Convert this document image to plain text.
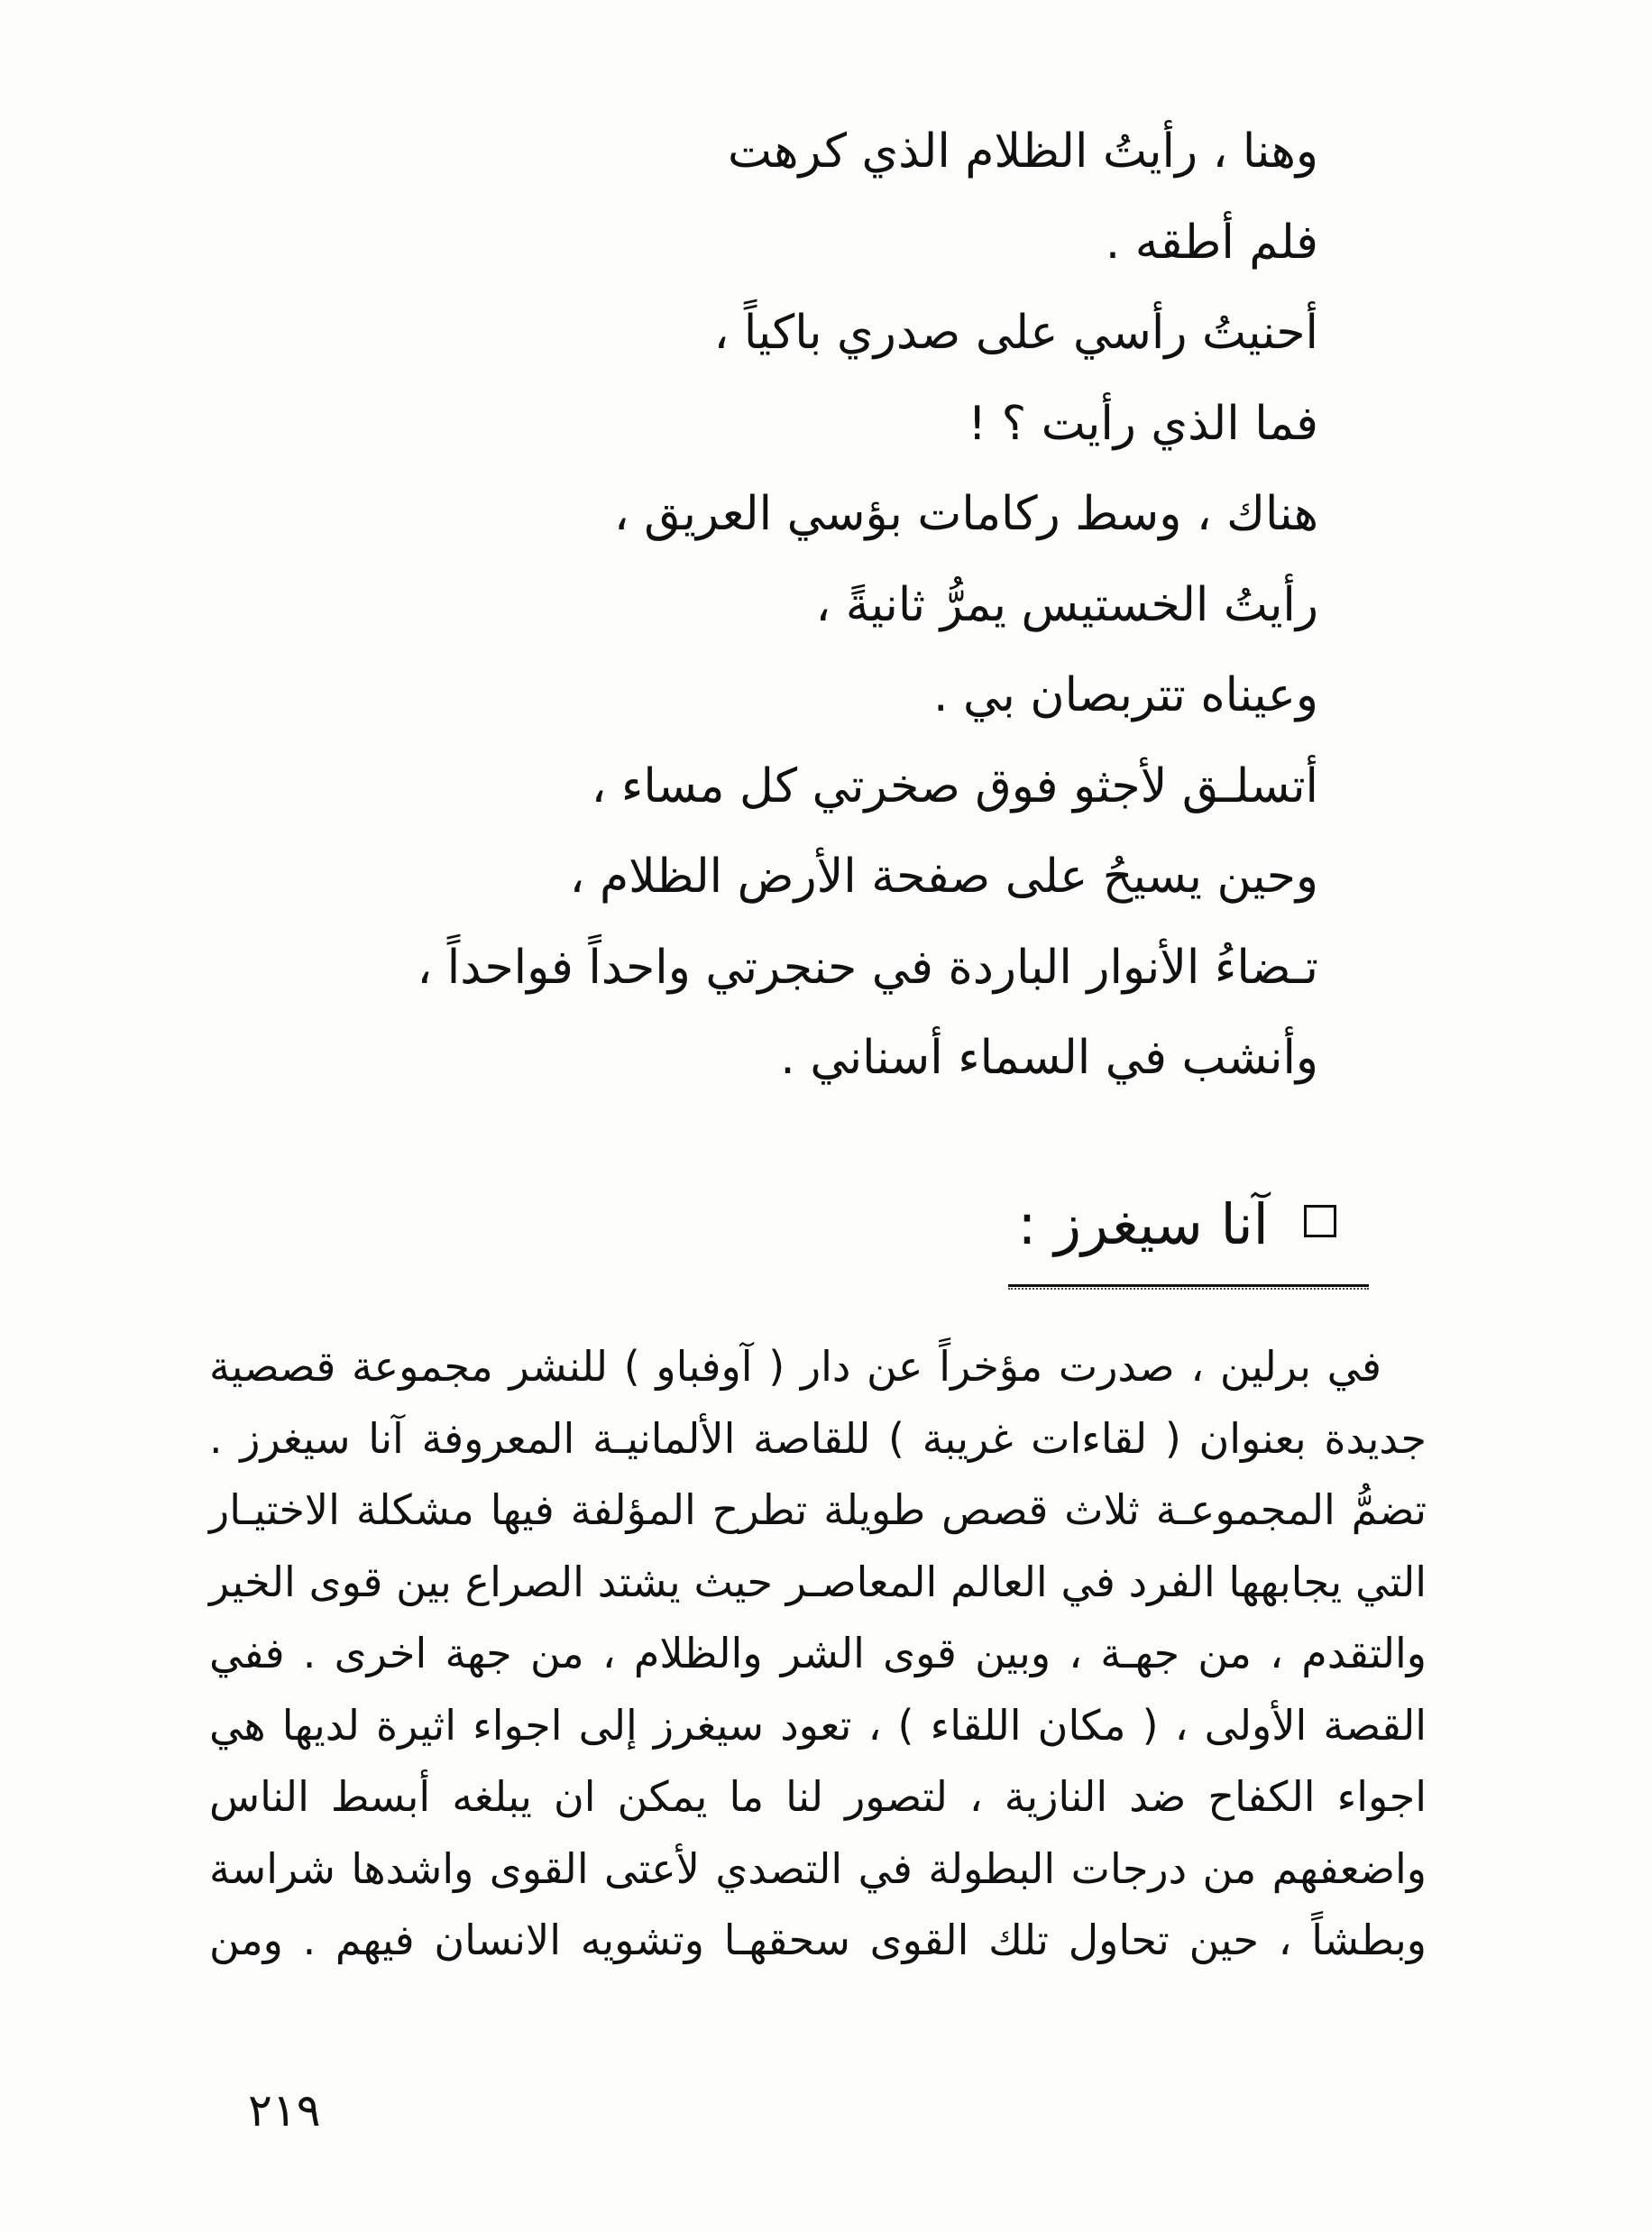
وهنا ، رأيتُ الظلام الذي كرهت
فلم أطقه .
أحنيتُ رأسي على صدري باكياً ،
فما الذي رأيت ؟ !
هناك ، وسط ركامات بؤسي العريق ،
رأيتُ الخستيس يمرُّ ثانيةً ،
وعيناه تتربصان بي .
أتسلـق لأجثو فوق صخرتي كل مساء ،
وحين يسيحُ على صفحة الأرض الظلام ،
تـضاءُ الأنوار الباردة في حنجرتي واحداً فواحداً ،
وأنشب في السماء أسناني .
آنا سيغرز :
في برلين ، صدرت مؤخراً عن دار ( آوفباو ) للنشر مجموعة قصصية
جديدة بعنوان ( لقاءات غريبة ) للقاصة الألمانيـة المعروفة آنا سيغرز .
تضمُّ المجموعـة ثلاث قصص طويلة تطرح المؤلفة فيها مشكلة الاختيـار
التي يجابهها الفرد في العالم المعاصـر حيث يشتد الصراع بين قوى الخير
والتقدم ، من جهـة ، وبين قوى الشر والظلام ، من جهة اخرى . ففي
القصة الأولى ، ( مكان اللقاء ) ، تعود سيغرز إلى اجواء اثيرة لديها هي
اجواء الكفاح ضد النازية ، لتصور لنا ما يمكن ان يبلغه أبسط الناس
واضعفهم من درجات البطولة في التصدي لأعتى القوى واشدها شراسة
وبطشاً ، حين تحاول تلك القوى سحقهـا وتشويه الانسان فيهم . ومن
٢١٩
